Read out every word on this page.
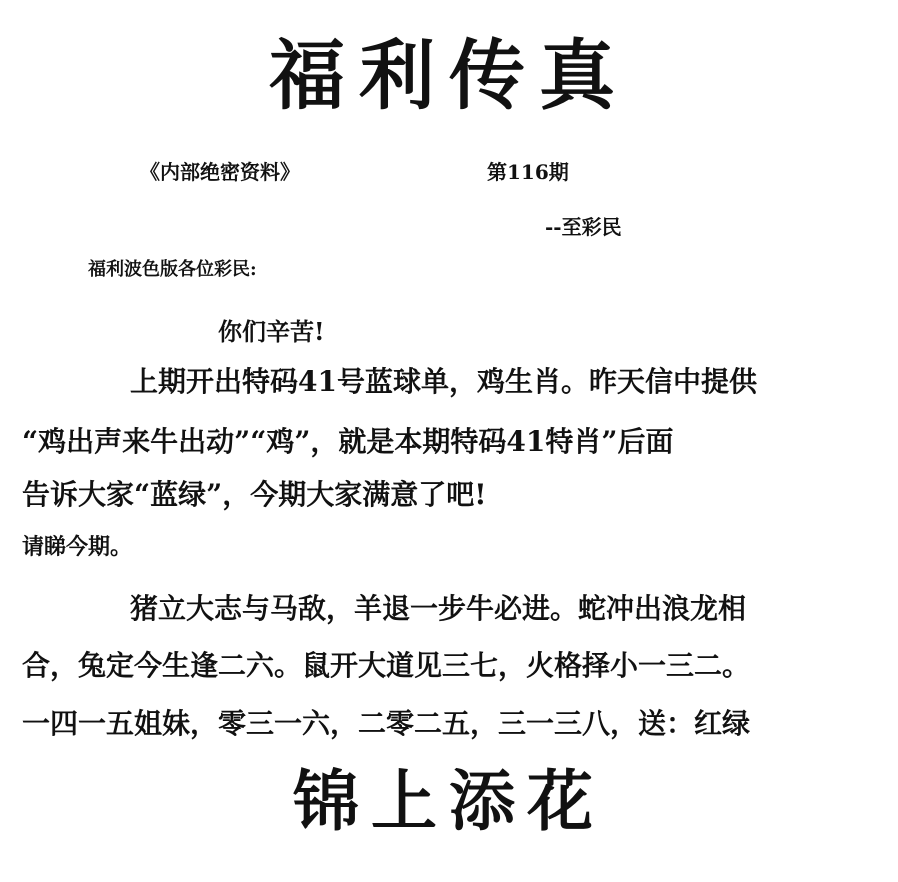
福利传真
《内部绝密资料》	第116期
--至彩民
福利波色版各位彩民:
你们辛苦!
上期开出特码41号蓝球单，鸡生肖。昨天信中提供
“鸡出声来牛出动”“鸡”，就是本期特码41特肖”后面
告诉大家“蓝绿”，今期大家满意了吧!
请睇今期。
猪立大志与马敌，羊退一步牛必进。蛇冲出浪龙相
合，兔定今生逢二六。鼠开大道见三七，火格择小一三二。
一四一五姐妹，零三一六，二零二五，三一三八，送：红绿
锦上添花
